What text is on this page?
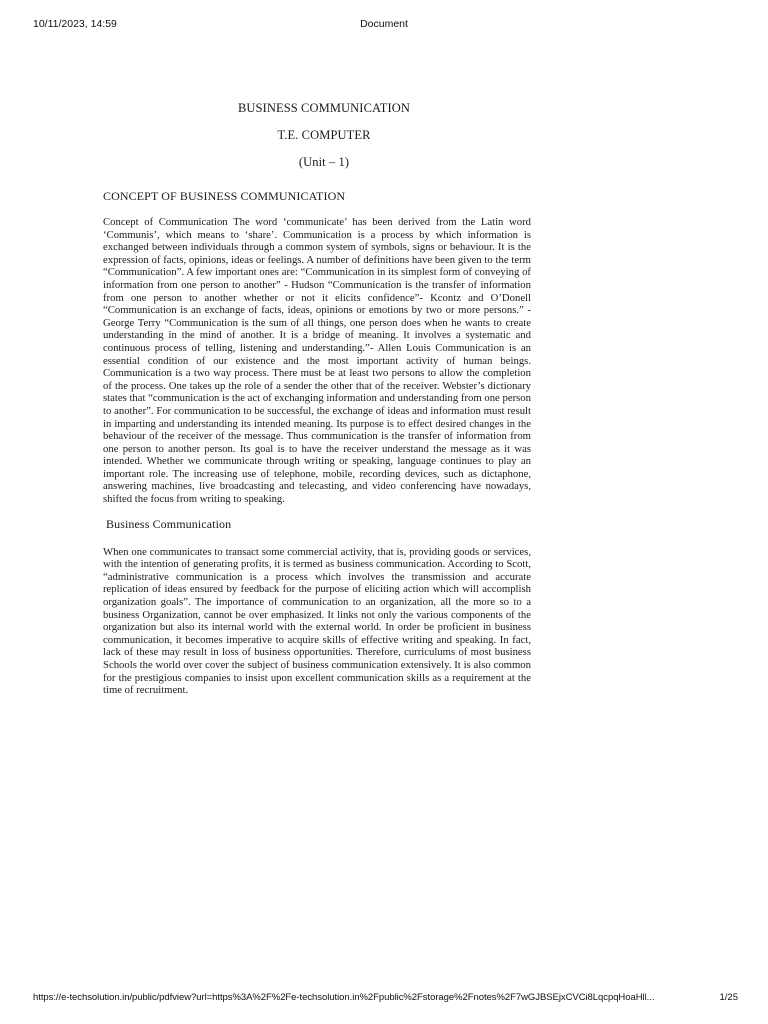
10/11/2023, 14:59	Document
BUSINESS COMMUNICATION
T.E. COMPUTER
(Unit – 1)
CONCEPT OF BUSINESS COMMUNICATION

Concept of Communication The word ‘communicate’ has been derived from the Latin word ‘Communis’, which means to ‘share’. Communication is a process by which information is exchanged between individuals through a common system of symbols, signs or behaviour. It is the expression of facts, opinions, ideas or feelings. A number of definitions have been given to the term “Communication”. A few important ones are: “Communication in its simplest form of conveying of information from one person to another” - Hudson “Communication is the transfer of information from one person to another whether or not it elicits confidence”- Kcontz and O’Donell “Communication is an exchange of facts, ideas, opinions or emotions by two or more persons.” -George Terry “Communication is the sum of all things, one person does when he wants to create understanding in the mind of another. It is a bridge of meaning. It involves a systematic and continuous process of telling, listening and understanding.”- Allen Louis Communication is an essential condition of our existence and the most important activity of human beings. Communication is a two way process. There must be at least two persons to allow the completion of the process. One takes up the role of a sender the other that of the receiver. Webster’s dictionary states that “communication is the act of exchanging information and understanding from one person to another”. For communication to be successful, the exchange of ideas and information must result in imparting and understanding its intended meaning. Its purpose is to effect desired changes in the behaviour of the receiver of the message. Thus communication is the transfer of information from one person to another person. Its goal is to have the receiver understand the message as it was intended. Whether we communicate through writing or speaking, language continues to play an important role. The increasing use of telephone, mobile, recording devices, such as dictaphone, answering machines, live broadcasting and telecasting, and video conferencing have nowadays, shifted the focus from writing to speaking.

Business Communication

When one communicates to transact some commercial activity, that is, providing goods or services, with the intention of generating profits, it is termed as business communication. According to Scott, “administrative communication is a process which involves the transmission and accurate replication of ideas ensured by feedback for the purpose of eliciting action which will accomplish organization goals”. The importance of communication to an organization, all the more so to a business Organization, cannot be over emphasized. It links not only the various components of the organization but also its internal world with the external world. In order be proficient in business communication, it becomes imperative to acquire skills of effective writing and speaking. In fact, lack of these may result in loss of business opportunities. Therefore, curriculums of most business Schools the world over cover the subject of business communication extensively. It is also common for the prestigious companies to insist upon excellent communication skills as a requirement at the time of recruitment.

https://e-techsolution.in/public/pdfview?url=https%3A%2F%2Fe-techsolution.in%2Fpublic%2Fstorage%2Fnotes%2F7wGJBSEjxCVCi8LqcpqHoaHll...	1/25
